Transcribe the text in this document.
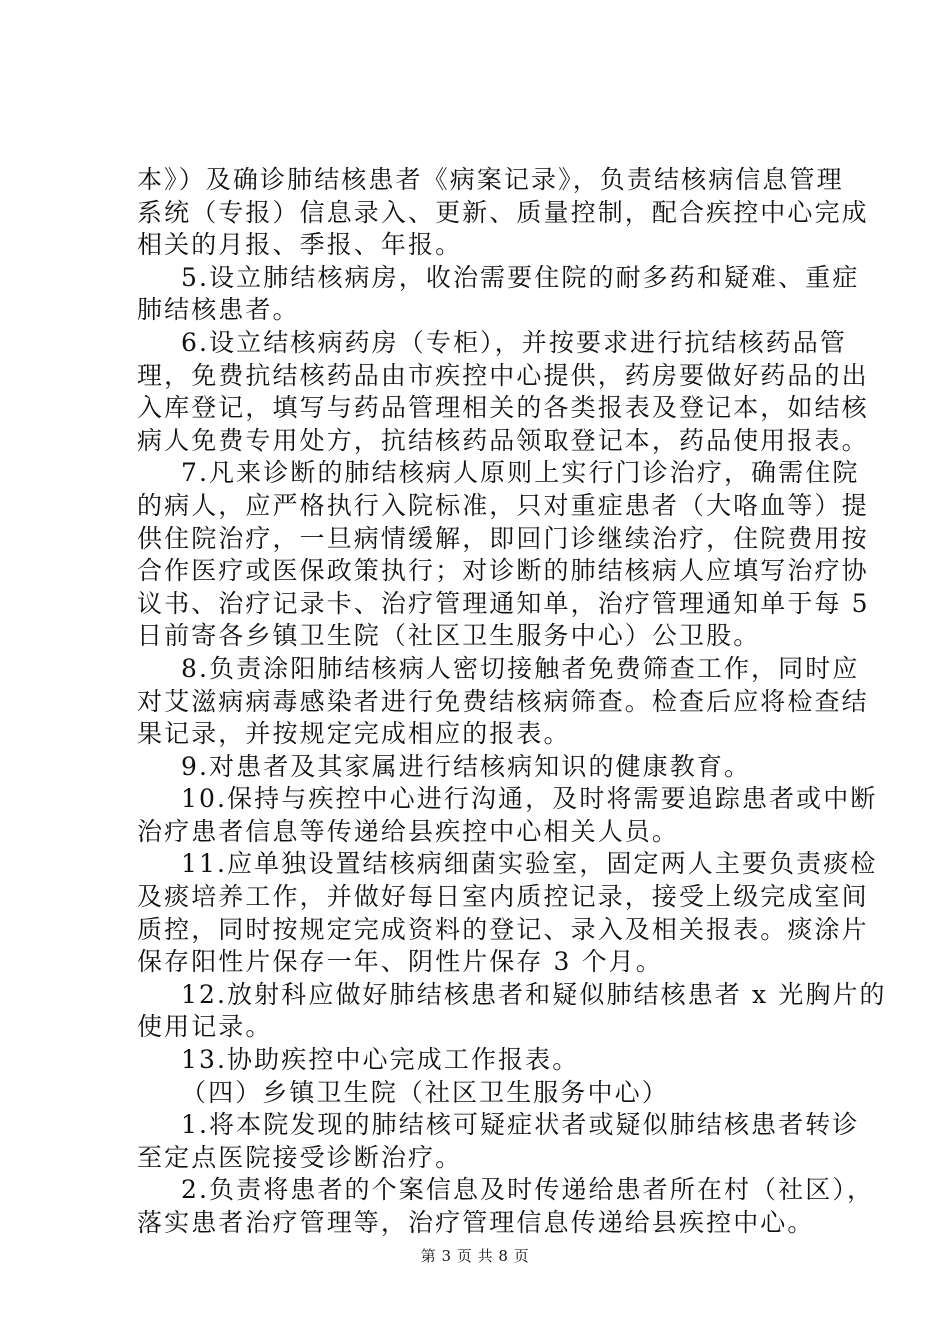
本》）及确诊肺结核患者《病案记录》，负责结核病信息管理
系统（专报）信息录入、更新、质量控制，配合疾控中心完成
相关的月报、季报、年报。
5.设立肺结核病房，收治需要住院的耐多药和疑难、重症
肺结核患者。
6.设立结核病药房（专柜），并按要求进行抗结核药品管
理，免费抗结核药品由市疾控中心提供，药房要做好药品的出
入库登记，填写与药品管理相关的各类报表及登记本，如结核
病人免费专用处方，抗结核药品领取登记本，药品使用报表。
7.凡来诊断的肺结核病人原则上实行门诊治疗，确需住院
的病人，应严格执行入院标准，只对重症患者（大咯血等）提
供住院治疗，一旦病情缓解，即回门诊继续治疗，住院费用按
合作医疗或医保政策执行；对诊断的肺结核病人应填写治疗协
议书、治疗记录卡、治疗管理通知单，治疗管理通知单于每 5
日前寄各乡镇卫生院（社区卫生服务中心）公卫股。
8.负责涂阳肺结核病人密切接触者免费筛查工作，同时应
对艾滋病病毒感染者进行免费结核病筛查。检查后应将检查结
果记录，并按规定完成相应的报表。
9.对患者及其家属进行结核病知识的健康教育。
10.保持与疾控中心进行沟通，及时将需要追踪患者或中断
治疗患者信息等传递给县疾控中心相关人员。
11.应单独设置结核病细菌实验室，固定两人主要负责痰检
及痰培养工作，并做好每日室内质控记录，接受上级完成室间
质控，同时按规定完成资料的登记、录入及相关报表。痰涂片
保存阳性片保存一年、阴性片保存 3 个月。
12.放射科应做好肺结核患者和疑似肺结核患者 x 光胸片的
使用记录。
13.协助疾控中心完成工作报表。
（四）乡镇卫生院（社区卫生服务中心）
1.将本院发现的肺结核可疑症状者或疑似肺结核患者转诊
至定点医院接受诊断治疗。
2.负责将患者的个案信息及时传递给患者所在村（社区），
落实患者治疗管理等，治疗管理信息传递给县疾控中心。
第 3 页 共 8 页
